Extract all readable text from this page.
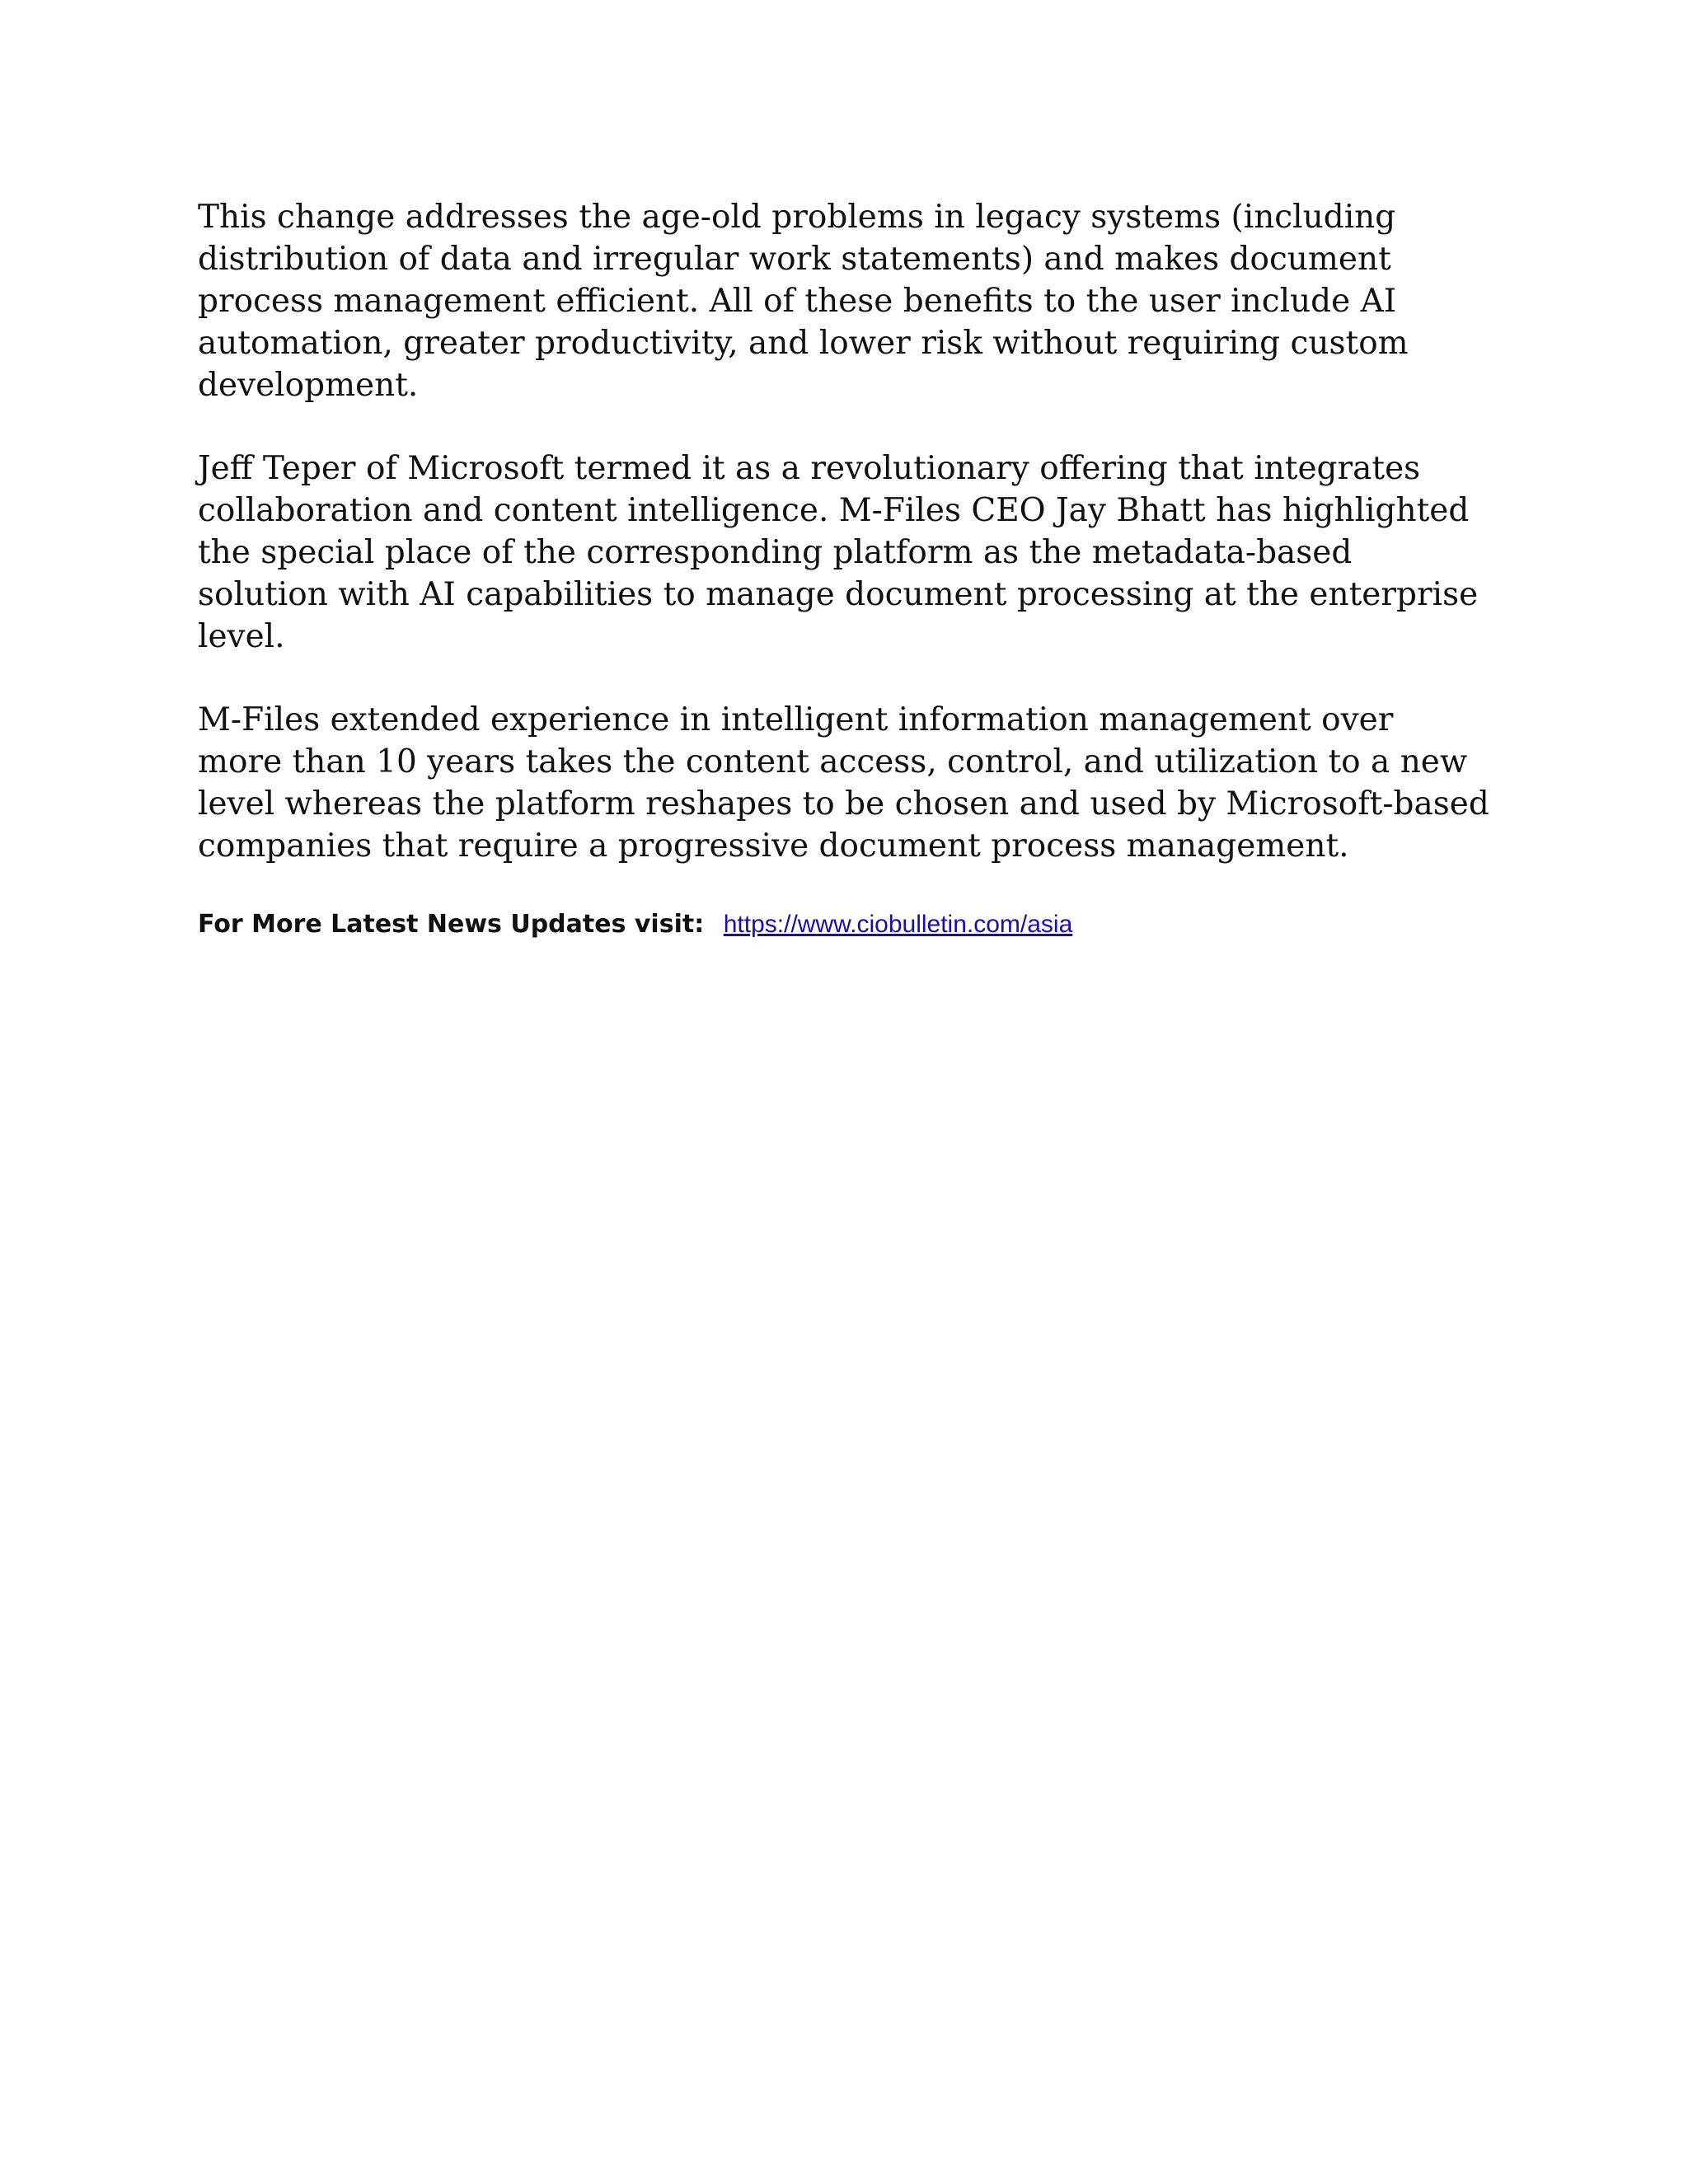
This change addresses the age-old problems in legacy systems (including
distribution of data and irregular work statements) and makes document
process management efficient. All of these benefits to the user include AI
automation, greater productivity, and lower risk without requiring custom
development.

Jeff Teper of Microsoft termed it as a revolutionary offering that integrates
collaboration and content intelligence. M-Files CEO Jay Bhatt has highlighted
the special place of the corresponding platform as the metadata-based
solution with AI capabilities to manage document processing at the enterprise
level.

M-Files extended experience in intelligent information management over
more than 10 years takes the content access, control, and utilization to a new
level whereas the platform reshapes to be chosen and used by Microsoft-based
companies that require a progressive document process management.

For More Latest News Updates visit: https://www.ciobulletin.com/asia
